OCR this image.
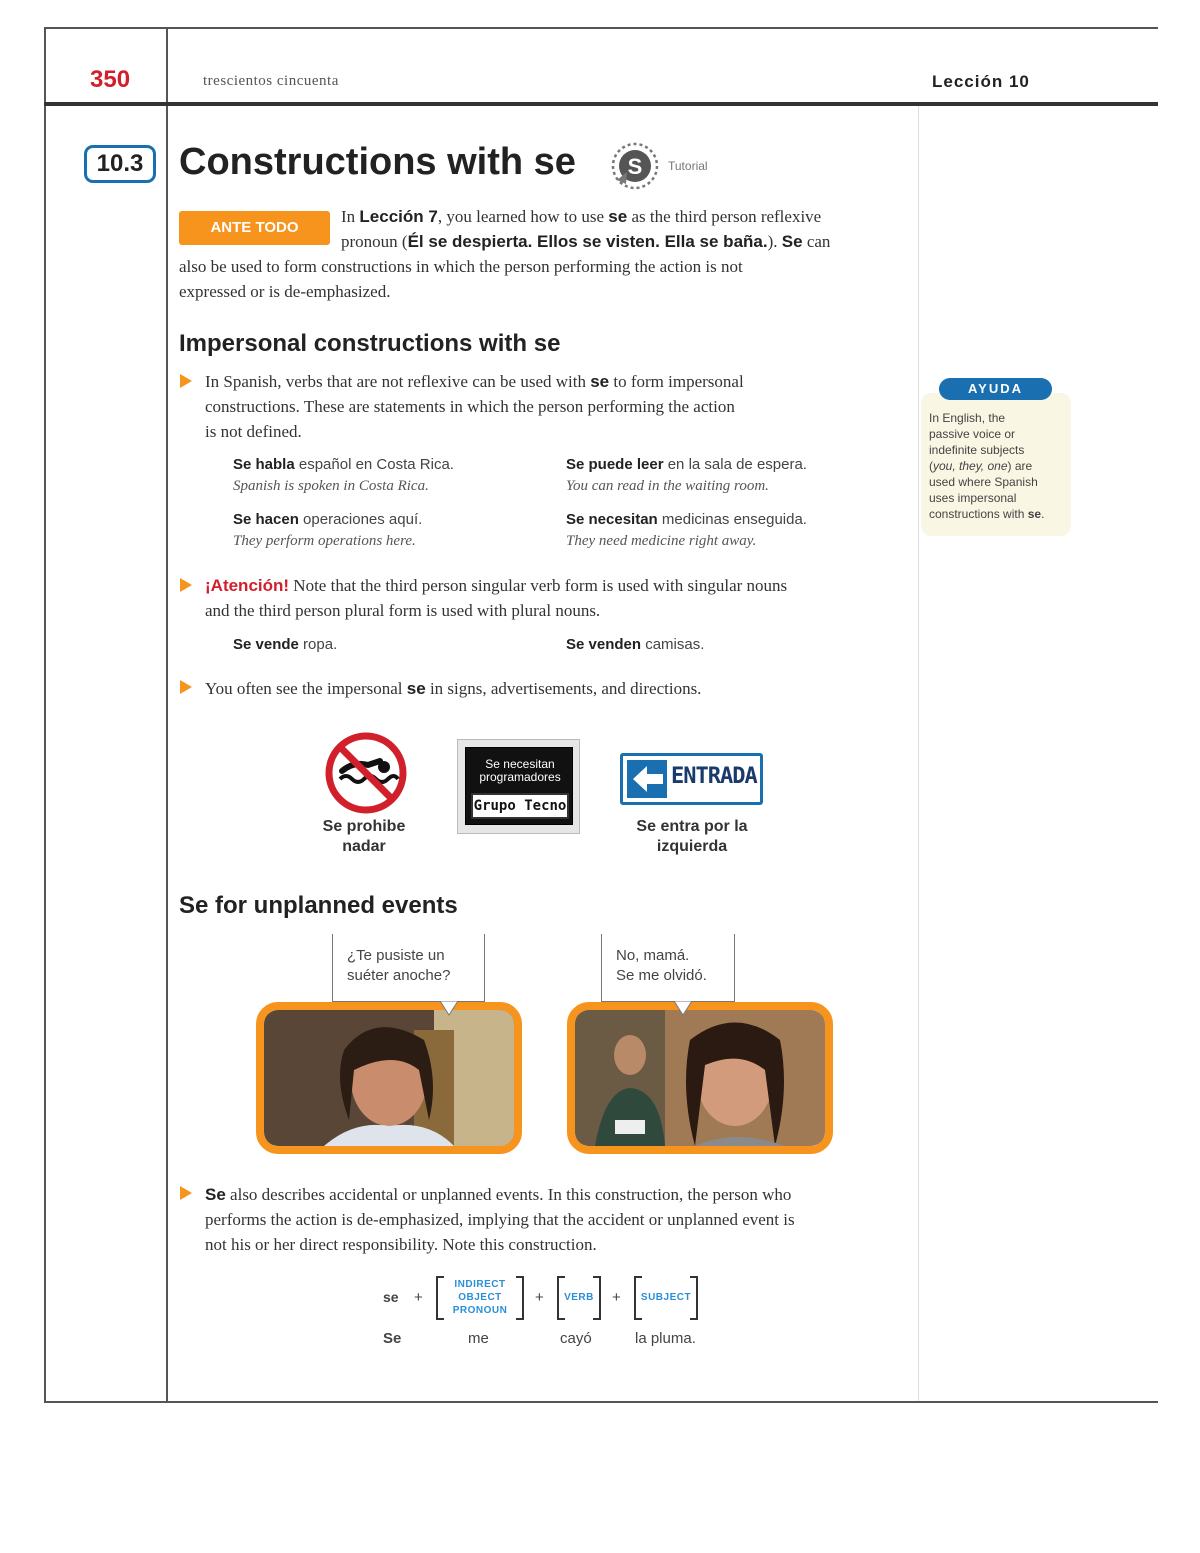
350	trescientos cincuenta	Lección 10
10.3 Constructions with se S Tutorial
ANTE TODO
In Lección 7, you learned how to use se as the third person reflexive
pronoun (Él se despierta. Ellos se visten. Ella se baña.). Se can
also be used to form constructions in which the person performing the action is not
expressed or is de-emphasized.
Impersonal constructions with se
In Spanish, verbs that are not reflexive can be used with se to form impersonal
constructions. These are statements in which the person performing the action
is not defined.
Se habla español en Costa Rica.
Spanish is spoken in Costa Rica.
Se puede leer en la sala de espera.
You can read in the waiting room.
Se hacen operaciones aquí.
They perform operations here.
Se necesitan medicinas enseguida.
They need medicine right away.
¡Atención! Note that the third person singular verb form is used with singular nouns
and the third person plural form is used with plural nouns.
Se vende ropa.	Se venden camisas.
You often see the impersonal se in signs, advertisements, and directions.
Se prohibe
nadar
Se necesitan
programadores
Grupo Tecno
ENTRADA
Se entra por la
izquierda
Se for unplanned events
¿Te pusiste un
suéter anoche?
No, mamá.
Se me olvidó.
Se also describes accidental or unplanned events. In this construction, the person who
performs the action is de-emphasized, implying that the accident or unplanned event is
not his or her direct responsibility. Note this construction.
se +
INDIRECT
OBJECT
PRONOUN
+	VERB	+	SUBJECT
Se	me	cayó	la pluma.
AYUDA
In English, the
passive voice or
indefinite subjects
(you, they, one) are
used where Spanish
uses impersonal
constructions with se.
